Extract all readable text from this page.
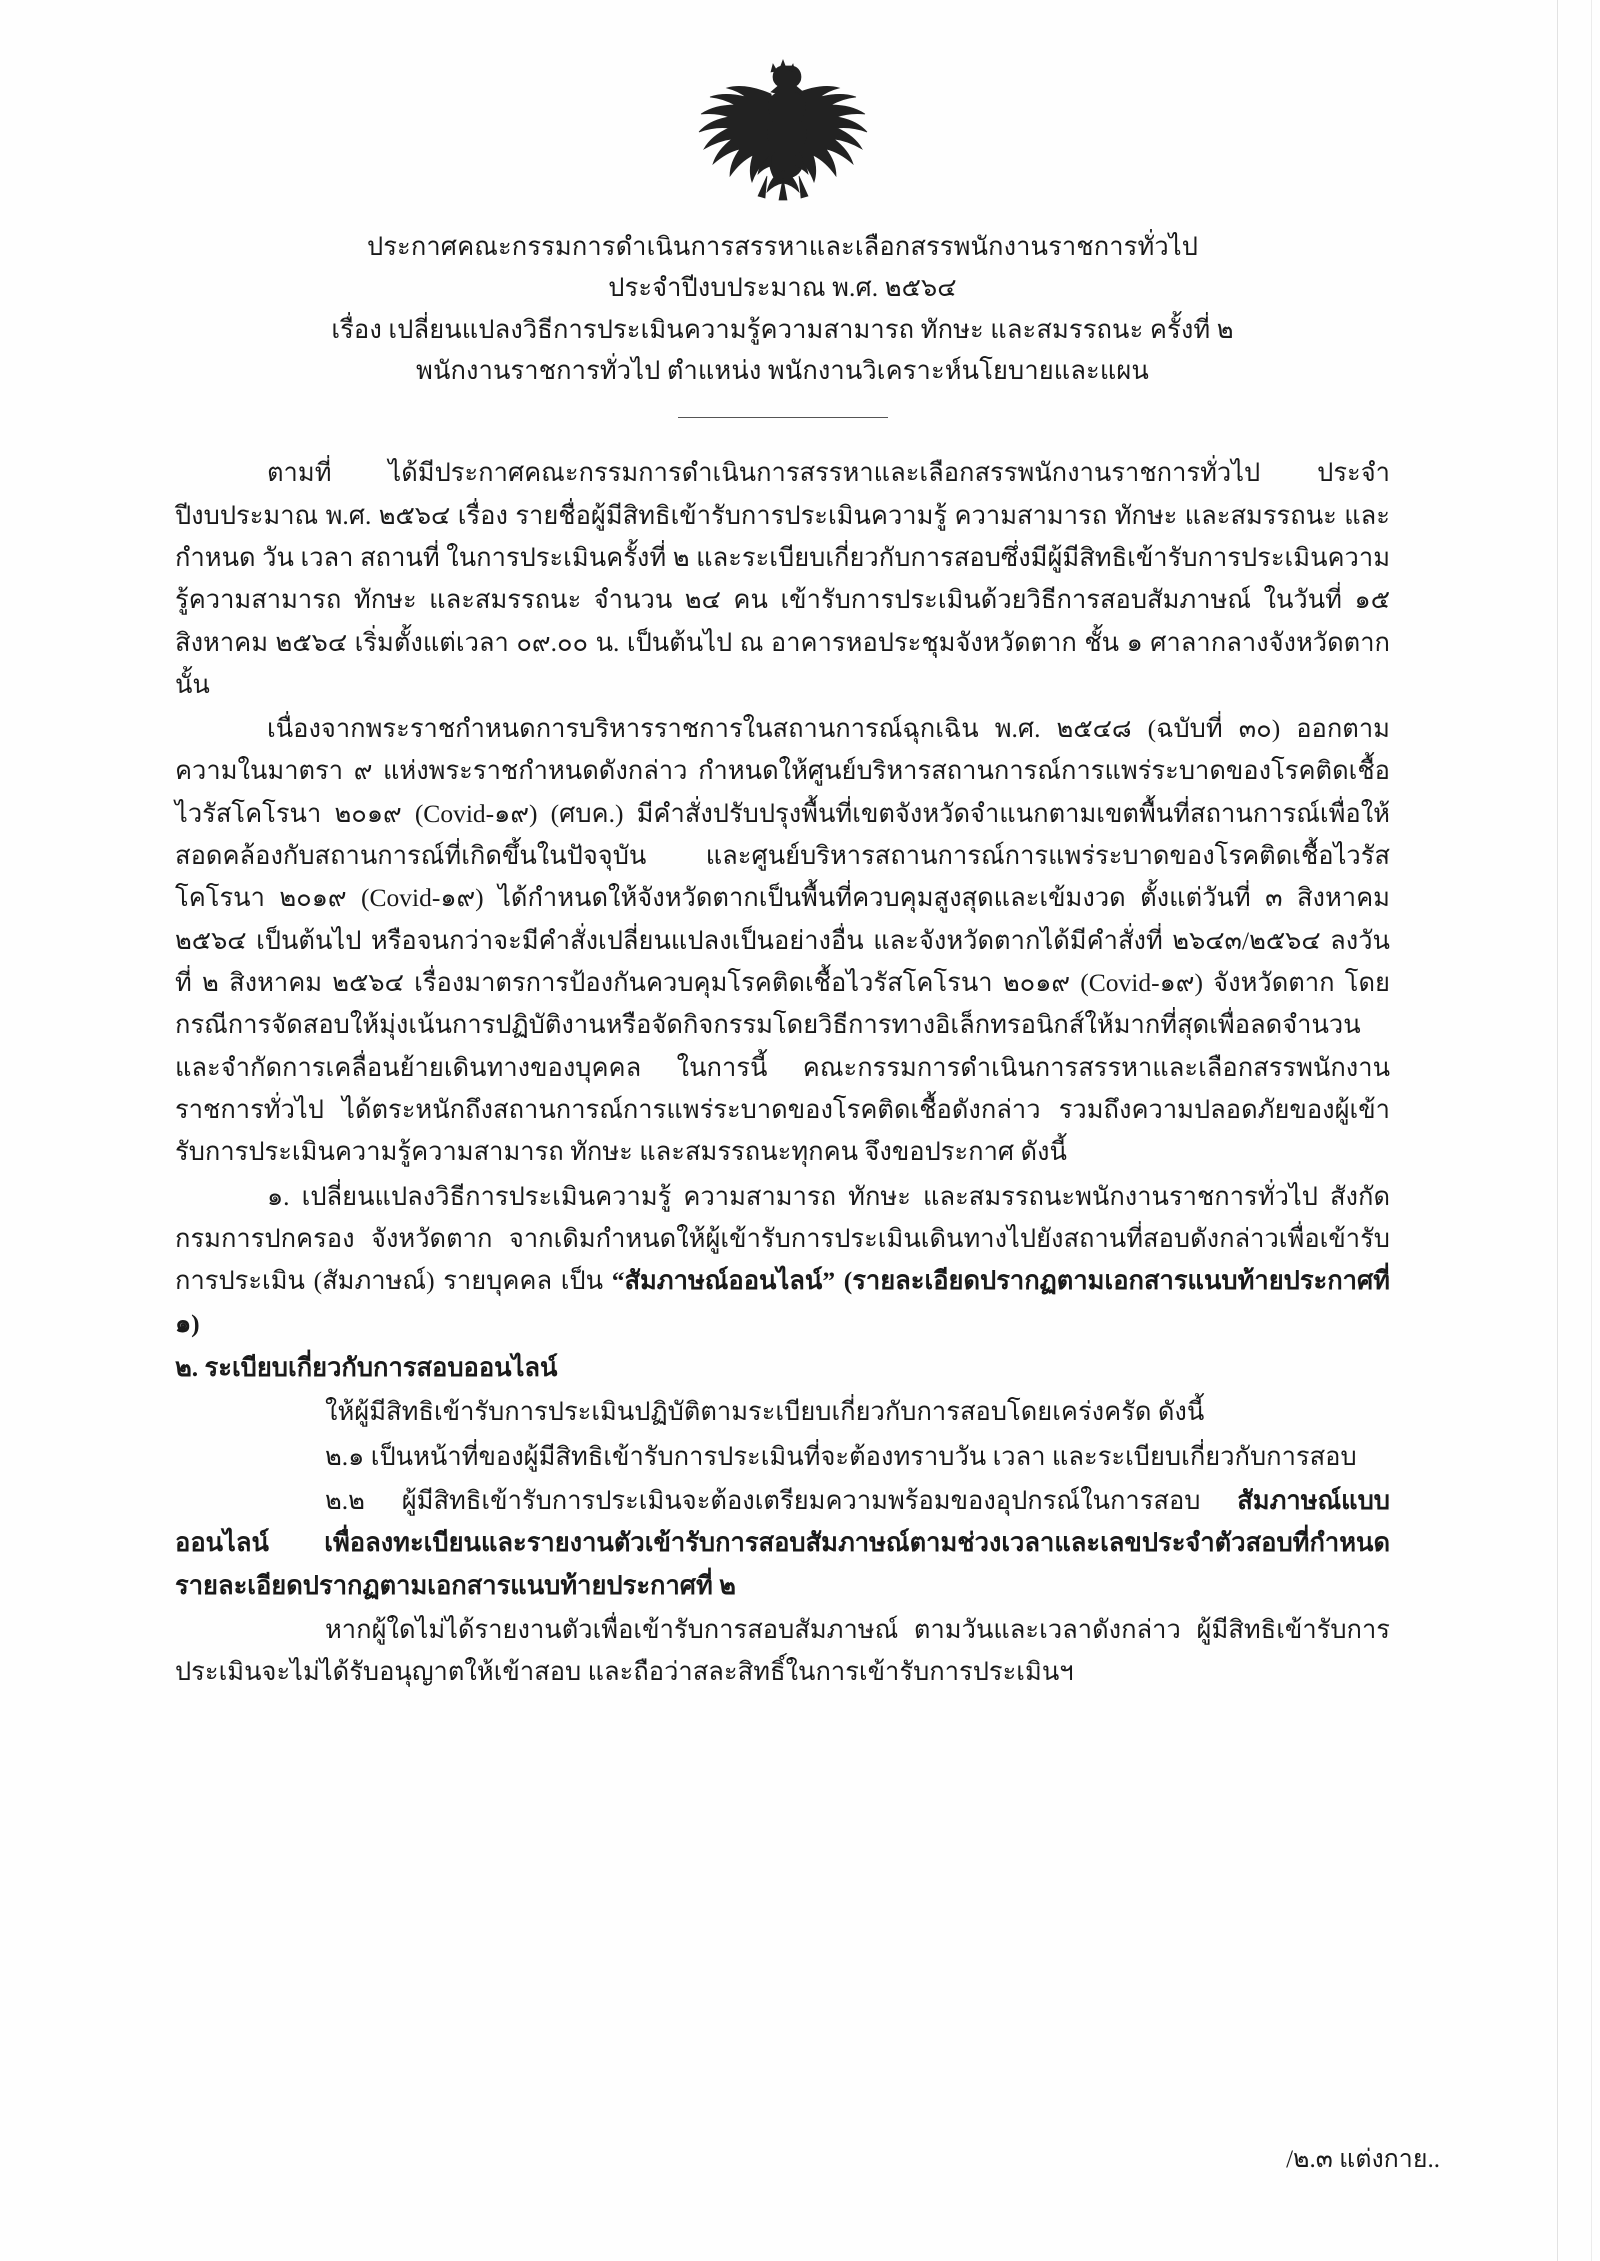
ประกาศคณะกรรมการดำเนินการสรรหาและเลือกสรรพนักงานราชการทั่วไป
ประจำปีงบประมาณ พ.ศ. ๒๕๖๔
เรื่อง เปลี่ยนแปลงวิธีการประเมินความรู้ความสามารถ ทักษะ และสมรรถนะ ครั้งที่ ๒
พนักงานราชการทั่วไป ตำแหน่ง พนักงานวิเคราะห์นโยบายและแผน

ตามที่ ได้มีประกาศคณะกรรมการดำเนินการสรรหาและเลือกสรรพนักงานราชการทั่วไป ประจำปีงบประมาณ พ.ศ. ๒๕๖๔ เรื่อง รายชื่อผู้มีสิทธิเข้ารับการประเมินความรู้ ความสามารถ ทักษะ และสมรรถนะ และกำหนด วัน เวลา สถานที่ ในการประเมินครั้งที่ ๒ และระเบียบเกี่ยวกับการสอบซึ่งมีผู้มีสิทธิเข้ารับการประเมินความรู้ความสามารถ ทักษะ และสมรรถนะ จำนวน ๒๔ คน เข้ารับการประเมินด้วยวิธีการสอบสัมภาษณ์ ในวันที่ ๑๕ สิงหาคม ๒๕๖๔ เริ่มตั้งแต่เวลา ๐๙.๐๐ น. เป็นต้นไป ณ อาคารหอประชุมจังหวัดตาก ชั้น ๑ ศาลากลางจังหวัดตาก นั้น

เนื่องจากพระราชกำหนดการบริหารราชการในสถานการณ์ฉุกเฉิน พ.ศ. ๒๕๔๘ (ฉบับที่ ๓๐) ออกตามความในมาตรา ๙ แห่งพระราชกำหนดดังกล่าว กำหนดให้ศูนย์บริหารสถานการณ์การแพร่ระบาดของโรคติดเชื้อไวรัสโคโรนา ๒๐๑๙ (Covid-๑๙) (ศบค.) มีคำสั่งปรับปรุงพื้นที่เขตจังหวัดจำแนกตามเขตพื้นที่สถานการณ์เพื่อให้สอดคล้องกับสถานการณ์ที่เกิดขึ้นในปัจจุบัน และศูนย์บริหารสถานการณ์การแพร่ระบาดของโรคติดเชื้อไวรัสโคโรนา ๒๐๑๙ (Covid-๑๙) ได้กำหนดให้จังหวัดตากเป็นพื้นที่ควบคุมสูงสุดและเข้มงวด ตั้งแต่วันที่ ๓ สิงหาคม ๒๕๖๔ เป็นต้นไป หรือจนกว่าจะมีคำสั่งเปลี่ยนแปลงเป็นอย่างอื่น และจังหวัดตากได้มีคำสั่งที่ ๒๖๔๓/๒๕๖๔ ลงวันที่ ๒ สิงหาคม ๒๕๖๔ เรื่องมาตรการป้องกันควบคุมโรคติดเชื้อไวรัสโคโรนา ๒๐๑๙ (Covid-๑๙) จังหวัดตาก โดยกรณีการจัดสอบให้มุ่งเน้นการปฏิบัติงานหรือจัดกิจกรรมโดยวิธีการทางอิเล็กทรอนิกส์ให้มากที่สุดเพื่อลดจำนวนและจำกัดการเคลื่อนย้ายเดินทางของบุคคล ในการนี้ คณะกรรมการดำเนินการสรรหาและเลือกสรรพนักงานราชการทั่วไป ได้ตระหนักถึงสถานการณ์การแพร่ระบาดของโรคติดเชื้อดังกล่าว รวมถึงความปลอดภัยของผู้เข้ารับการประเมินความรู้ความสามารถ ทักษะ และสมรรถนะทุกคน จึงขอประกาศ ดังนี้

๑. เปลี่ยนแปลงวิธีการประเมินความรู้ ความสามารถ ทักษะ และสมรรถนะพนักงานราชการทั่วไป สังกัดกรมการปกครอง จังหวัดตาก จากเดิมกำหนดให้ผู้เข้ารับการประเมินเดินทางไปยังสถานที่สอบดังกล่าวเพื่อเข้ารับการประเมิน (สัมภาษณ์) รายบุคคล เป็น “สัมภาษณ์ออนไลน์” (รายละเอียดปรากฏตามเอกสารแนบท้ายประกาศที่ ๑)

๒. ระเบียบเกี่ยวกับการสอบออนไลน์

ให้ผู้มีสิทธิเข้ารับการประเมินปฏิบัติตามระเบียบเกี่ยวกับการสอบโดยเคร่งครัด ดังนี้

๒.๑ เป็นหน้าที่ของผู้มีสิทธิเข้ารับการประเมินที่จะต้องทราบวัน เวลา และระเบียบเกี่ยวกับการสอบ

๒.๒ ผู้มีสิทธิเข้ารับการประเมินจะต้องเตรียมความพร้อมของอุปกรณ์ในการสอบ สัมภาษณ์แบบออนไลน์ เพื่อลงทะเบียนและรายงานตัวเข้ารับการสอบสัมภาษณ์ตามช่วงเวลาและเลขประจำตัวสอบที่กำหนด รายละเอียดปรากฏตามเอกสารแนบท้ายประกาศที่ ๒

หากผู้ใดไม่ได้รายงานตัวเพื่อเข้ารับการสอบสัมภาษณ์ ตามวันและเวลาดังกล่าว ผู้มีสิทธิเข้ารับการประเมินจะไม่ได้รับอนุญาตให้เข้าสอบ และถือว่าสละสิทธิ์ในการเข้ารับการประเมินฯ

/๒.๓ แต่งกาย..
